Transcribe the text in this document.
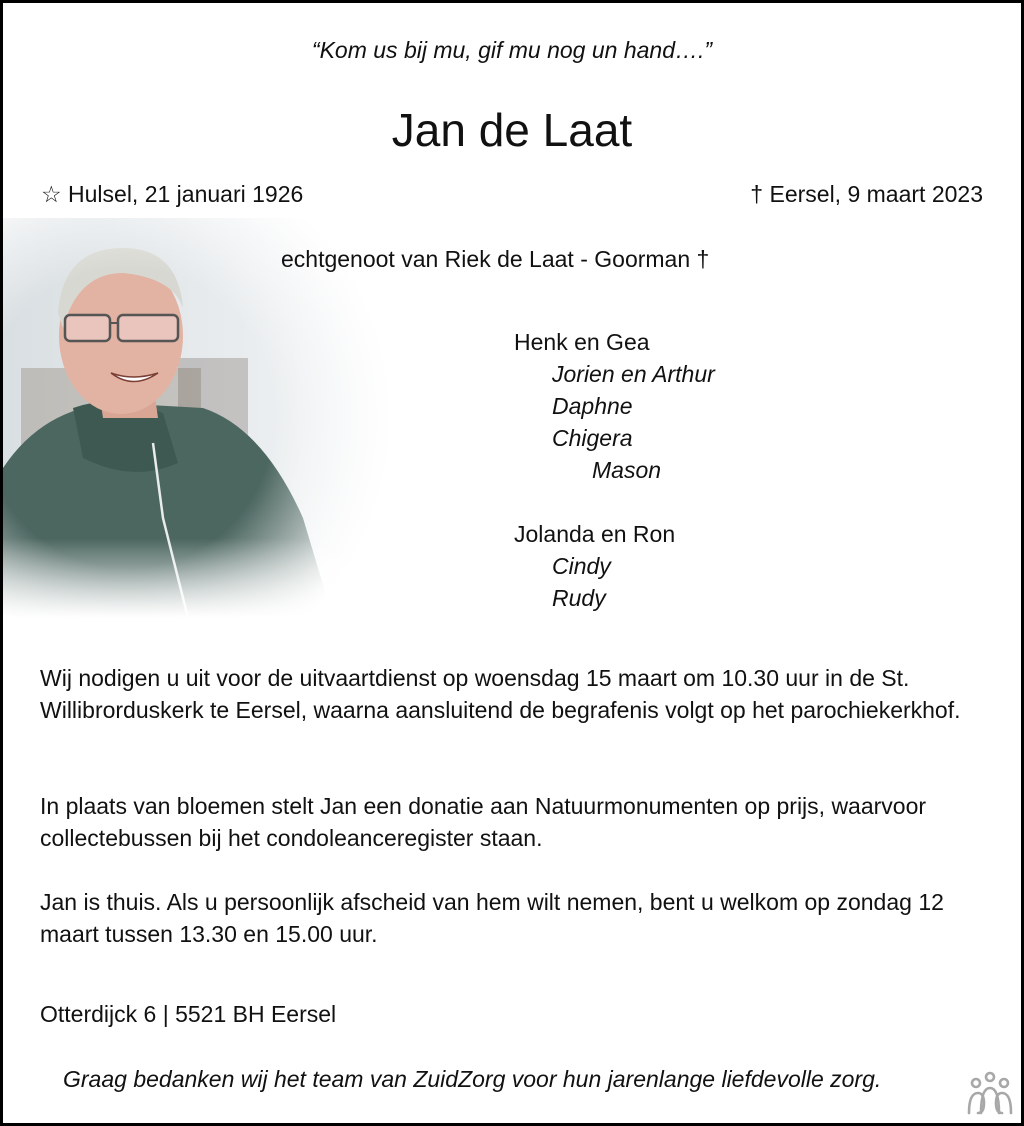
“Kom us bij mu, gif mu nog un hand….”
Jan de Laat
☆ Hulsel, 21 januari 1926	† Eersel, 9 maart 2023
echtgenoot van Riek de Laat - Goorman †
Henk en Gea
Jorien en Arthur
Daphne
Chigera
Mason
Jolanda en Ron
Cindy
Rudy
Wij nodigen u uit voor de uitvaartdienst op woensdag 15 maart om 10.30 uur in de St. Willibrorduskerk te Eersel, waarna aansluitend de begrafenis volgt op het parochiekerkhof.
In plaats van bloemen stelt Jan een donatie aan Natuurmonumenten op prijs, waarvoor collectebussen bij het condoleanceregister staan.
Jan is thuis. Als u persoonlijk afscheid van hem wilt nemen, bent u welkom op zondag 12 maart tussen 13.30 en 15.00 uur.
Otterdijck 6 | 5521 BH Eersel
Graag bedanken wij het team van ZuidZorg voor hun jarenlange liefdevolle zorg.
